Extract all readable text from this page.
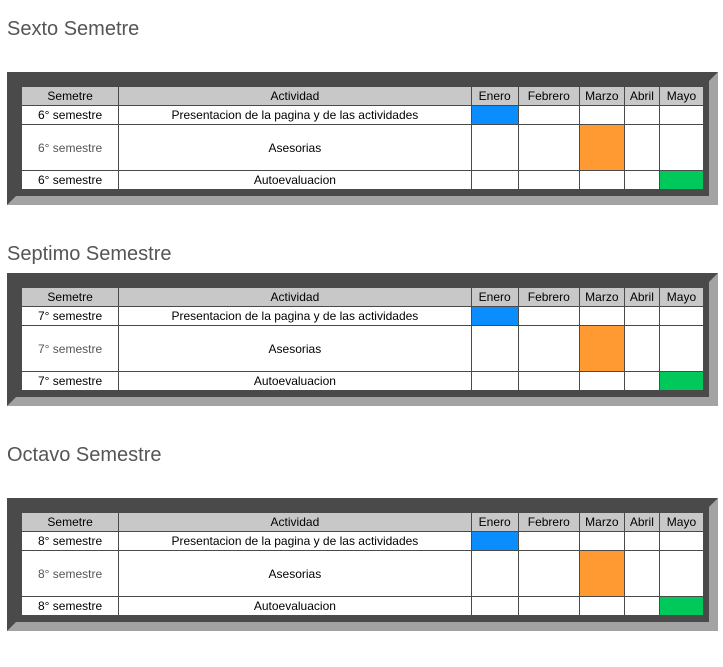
Sexto Semetre
Semetre	Actividad	Enero	Febrero	Marzo	Abril	Mayo
6° semestre	Presentacion de la pagina y de las actividades					
6° semestre	Asesorias					
6° semestre	Autoevaluacion					
Septimo Semestre
Semetre	Actividad	Enero	Febrero	Marzo	Abril	Mayo
7° semestre	Presentacion de la pagina y de las actividades					
7° semestre	Asesorias					
7° semestre	Autoevaluacion					
Octavo Semestre
Semetre	Actividad	Enero	Febrero	Marzo	Abril	Mayo
8° semestre	Presentacion de la pagina y de las actividades					
8° semestre	Asesorias					
8° semestre	Autoevaluacion					
